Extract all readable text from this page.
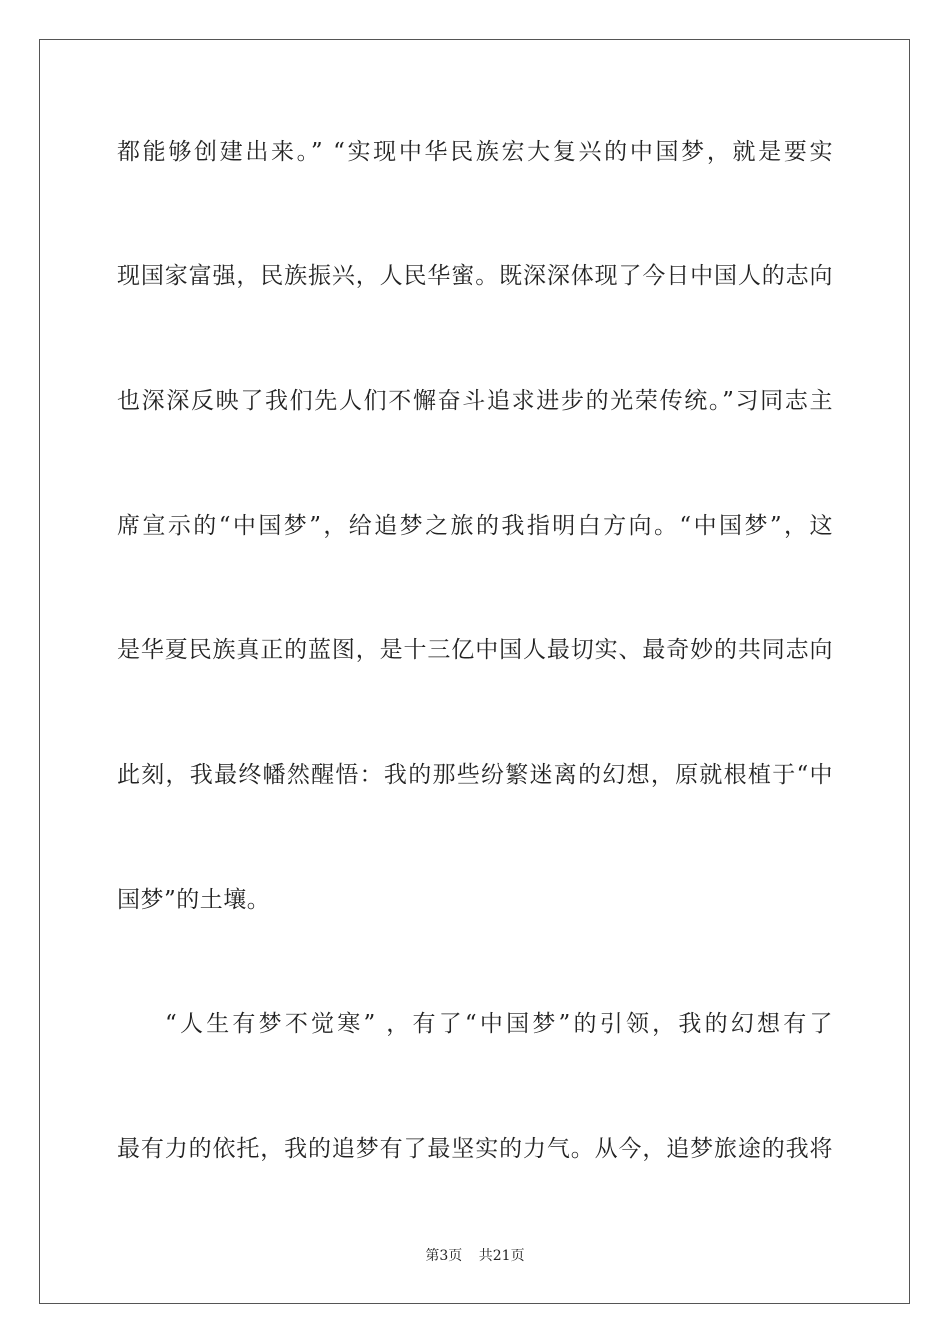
都能够创建出来。” “实现中华民族宏大复兴的中国梦，就是要实
现国家富强，民族振兴，人民华蜜。既深深体现了今日中国人的志向
也深深反映了我们先人们不懈奋斗追求进步的光荣传统。”习同志主
席宣示的“中国梦”，给追梦之旅的我指明白方向。“中国梦”，这
是华夏民族真正的蓝图，是十三亿中国人最切实、最奇妙的共同志向
此刻，我最终幡然醒悟：我的那些纷繁迷离的幻想，原就根植于“中
国梦”的土壤。
“人生有梦不觉寒” ，有了“中国梦”的引领，我的幻想有了
最有力的依托，我的追梦有了最坚实的力气。从今，追梦旅途的我将
第3页 共21页
